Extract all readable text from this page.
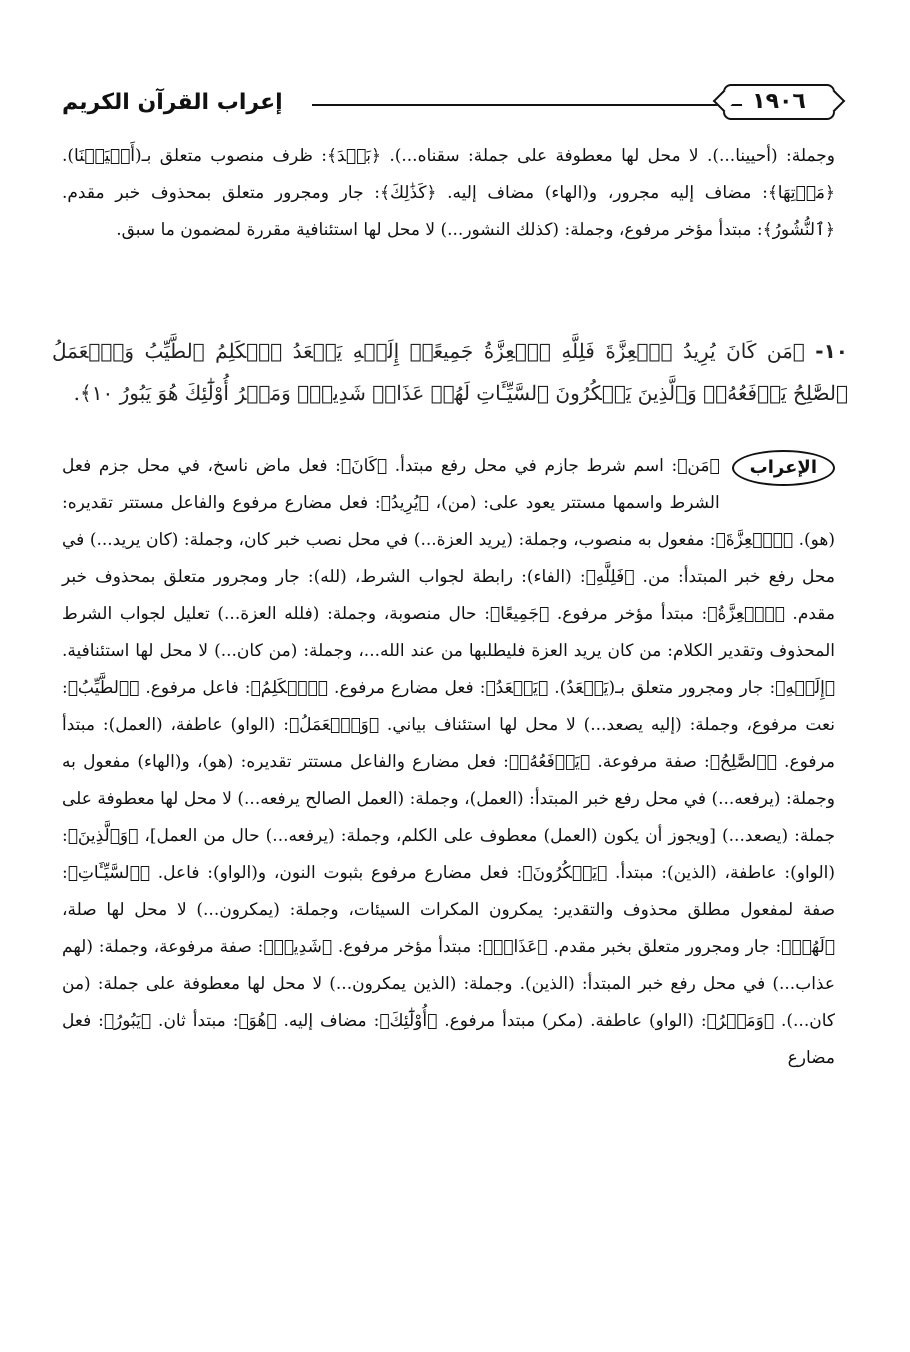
إعراب القرآن الكريم	١٩٠٦

وجملة: (أحيينا...). لا محل لها معطوفة على جملة: سقناه...). ﴿بَعۡدَ﴾: ظرف منصوب متعلق بـ(أَحۡيَيۡنَا). ﴿مَوۡتِهَا﴾: مضاف إليه مجرور، و(الهاء) مضاف إليه. ﴿كَذَٰلِكَ﴾: جار ومجرور متعلق بمحذوف خبر مقدم. ﴿ٱلنُّشُورُ﴾: مبتدأ مؤخر مرفوع، وجملة: (كذلك النشور...) لا محل لها استئنافية مقررة لمضمون ما سبق.

١٠- ﴿مَن كَانَ يُرِيدُ ٱلۡعِزَّةَ فَلِلَّهِ ٱلۡعِزَّةُ جَمِيعًاۚ إِلَيۡهِ يَصۡعَدُ ٱلۡكَلِمُ ٱلطَّيِّبُ وَٱلۡعَمَلُ ٱلصَّٰلِحُ يَرۡفَعُهُۥۚ وَٱلَّذِينَ يَمۡكُرُونَ ٱلسَّيِّـَٔاتِ لَهُمۡ عَذَابٞ شَدِيدٞۖ وَمَكۡرُ أُوْلَٰٓئِكَ هُوَ يَبُورُ ١٠﴾.
الإعراب
﴿مَن﴾: اسم شرط جازم في محل رفع مبتدأ. ﴿كَانَ﴾: فعل ماض ناسخ، في محل جزم فعل الشرط واسمها مستتر يعود على: (من)، ﴿يُرِيدُ﴾: فعل مضارع مرفوع والفاعل مستتر تقديره: (هو). ﴿ٱلۡعِزَّةَ﴾: مفعول به منصوب، وجملة: (يريد العزة...) في محل نصب خبر كان، وجملة: (كان يريد...) في محل رفع خبر المبتدأ: من. ﴿فَلِلَّهِ﴾: (الفاء): رابطة لجواب الشرط، (لله): جار ومجرور متعلق بمحذوف خبر مقدم. ﴿ٱلۡعِزَّةُ﴾: مبتدأ مؤخر مرفوع. ﴿جَمِيعًا﴾: حال منصوبة، وجملة: (فلله العزة...) تعليل لجواب الشرط المحذوف وتقدير الكلام: من كان يريد العزة فليطلبها من عند الله...، وجملة: (من كان...) لا محل لها استئنافية. ﴿إِلَيۡهِ﴾: جار ومجرور متعلق بـ(يَصۡعَدُ). ﴿يَصۡعَدُ﴾: فعل مضارع مرفوع. ﴿ٱلۡكَلِمُ﴾: فاعل مرفوع. ﴿ٱلطَّيِّبُ﴾: نعت مرفوع، وجملة: (إليه يصعد...) لا محل لها استئناف بياني. ﴿وَٱلۡعَمَلُ﴾: (الواو) عاطفة، (العمل): مبتدأ مرفوع. ﴿ٱلصَّٰلِحُ﴾: صفة مرفوعة. ﴿يَرۡفَعُهُۥ﴾: فعل مضارع والفاعل مستتر تقديره: (هو)، و(الهاء) مفعول به وجملة: (يرفعه...) في محل رفع خبر المبتدأ: (العمل)، وجملة: (العمل الصالح يرفعه...) لا محل لها معطوفة على جملة: (يصعد...) [ويجوز أن يكون (العمل) معطوف على الكلم، وجملة: (يرفعه...) حال من العمل]، ﴿وَٱلَّذِينَ﴾: (الواو): عاطفة، (الذين): مبتدأ. ﴿يَمۡكُرُونَ﴾: فعل مضارع مرفوع بثبوت النون، و(الواو): فاعل. ﴿ٱلسَّيِّـَٔاتِ﴾: صفة لمفعول مطلق محذوف والتقدير: يمكرون المكرات السيئات، وجملة: (يمكرون...) لا محل لها صلة، ﴿لَهُمۡ﴾: جار ومجرور متعلق بخبر مقدم. ﴿عَذَابٞ﴾: مبتدأ مؤخر مرفوع. ﴿شَدِيدٞ﴾: صفة مرفوعة، وجملة: (لهم عذاب...) في محل رفع خبر المبتدأ: (الذين). وجملة: (الذين يمكرون...) لا محل لها معطوفة على جملة: (من كان...). ﴿وَمَكۡرُ﴾: (الواو) عاطفة. (مكر) مبتدأ مرفوع. ﴿أُوْلَٰٓئِكَ﴾: مضاف إليه. ﴿هُوَ﴾: مبتدأ ثان. ﴿يَبُورُ﴾: فعل مضارع
